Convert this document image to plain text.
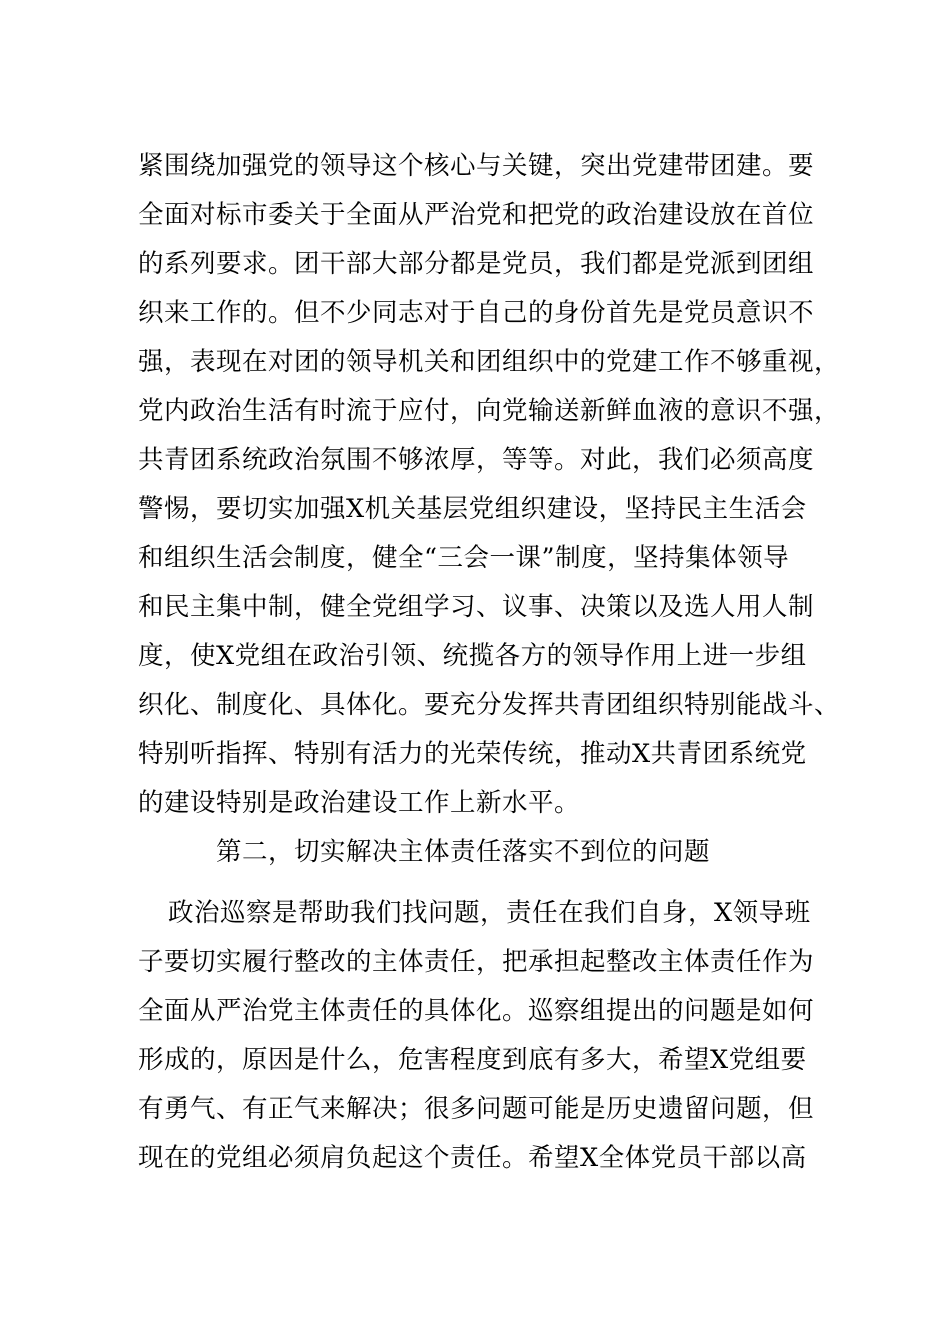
紧围绕加强党的领导这个核心与关键，突出党建带团建。要
全面对标市委关于全面从严治党和把党的政治建设放在首位
的系列要求。团干部大部分都是党员，我们都是党派到团组
织来工作的。但不少同志对于自己的身份首先是党员意识不
强，表现在对团的领导机关和团组织中的党建工作不够重视，
党内政治生活有时流于应付，向党输送新鲜血液的意识不强，
共青团系统政治氛围不够浓厚，等等。对此，我们必须高度
警惕，要切实加强X机关基层党组织建设，坚持民主生活会
和组织生活会制度，健全“三会一课”制度，坚持集体领导
和民主集中制，健全党组学习、议事、决策以及选人用人制
度，使X党组在政治引领、统揽各方的领导作用上进一步组
织化、制度化、具体化。要充分发挥共青团组织特别能战斗、
特别听指挥、特别有活力的光荣传统，推动X共青团系统党
的建设特别是政治建设工作上新水平。
第二，切实解决主体责任落实不到位的问题
政治巡察是帮助我们找问题，责任在我们自身，X领导班
子要切实履行整改的主体责任，把承担起整改主体责任作为
全面从严治党主体责任的具体化。巡察组提出的问题是如何
形成的，原因是什么，危害程度到底有多大，希望X党组要
有勇气、有正气来解决；很多问题可能是历史遗留问题，但
现在的党组必须肩负起这个责任。希望X全体党员干部以高
